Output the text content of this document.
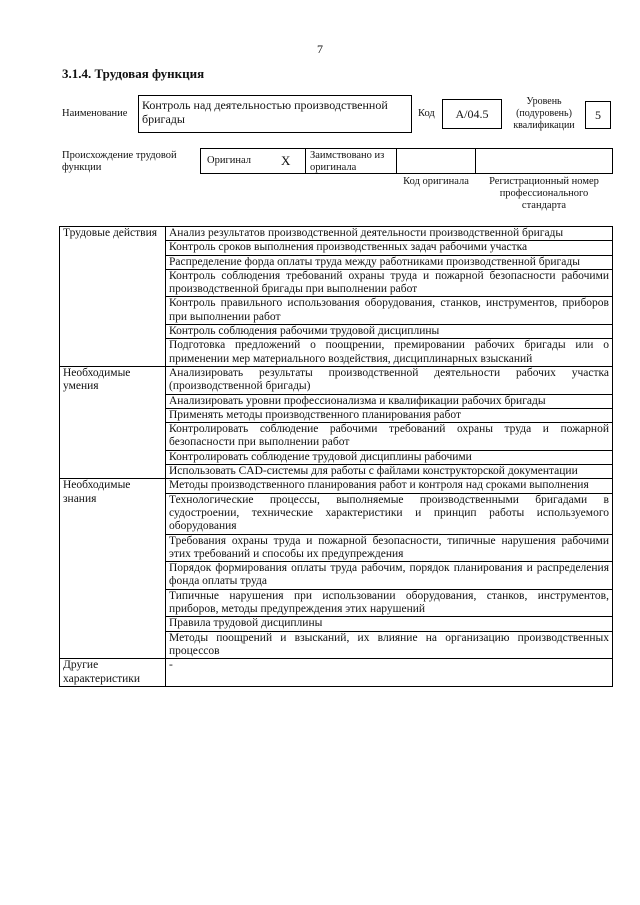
7
3.1.4. Трудовая функция
Наименование
Контроль над деятельностью производственной бригады	Код	A/04.5
Уровень (подуровень) квалификации
5
Происхождение трудовой функции
Оригинал X Заимствовано из оригинала
Код оригинала	Регистрационный номер профессионального стандарта
Трудовые действия	Анализ результатов производственной деятельности производственной бригады
	Контроль сроков выполнения производственных задач рабочими участка
	Распределение форда оплаты труда между работниками производственной бригады
	Контроль соблюдения требований охраны труда и пожарной безопасности рабочими производственной бригады при выполнении работ
	Контроль правильного использования оборудования, станков, инструментов, приборов при выполнении работ
	Контроль соблюдения рабочими трудовой дисциплины
	Подготовка предложений о поощрении, премировании рабочих бригады или о применении мер материального воздействия, дисциплинарных взысканий
Необходимые умения	Анализировать результаты производственной деятельности рабочих участка (производственной бригады)
	Анализировать уровни профессионализма и квалификации рабочих бригады
	Применять методы производственного планирования работ
	Контролировать соблюдение рабочими требований охраны труда и пожарной безопасности при выполнении работ
	Контролировать соблюдение трудовой дисциплины рабочими
	Использовать CAD-системы для работы с файлами конструкторской документации
Необходимые знания	Методы производственного планирования работ и контроля над сроками выполнения
	Технологические процессы, выполняемые производственными бригадами в судостроении, технические характеристики и принцип работы используемого оборудования
	Требования охраны труда и пожарной безопасности, типичные нарушения рабочими этих требований и способы их предупреждения
	Порядок формирования оплаты труда рабочим, порядок планирования и распределения фонда оплаты труда
	Типичные нарушения при использовании оборудования, станков, инструментов, приборов, методы предупреждения этих нарушений
	Правила трудовой дисциплины
	Методы поощрений и взысканий, их влияние на организацию производственных процессов
Другие характеристики	-
